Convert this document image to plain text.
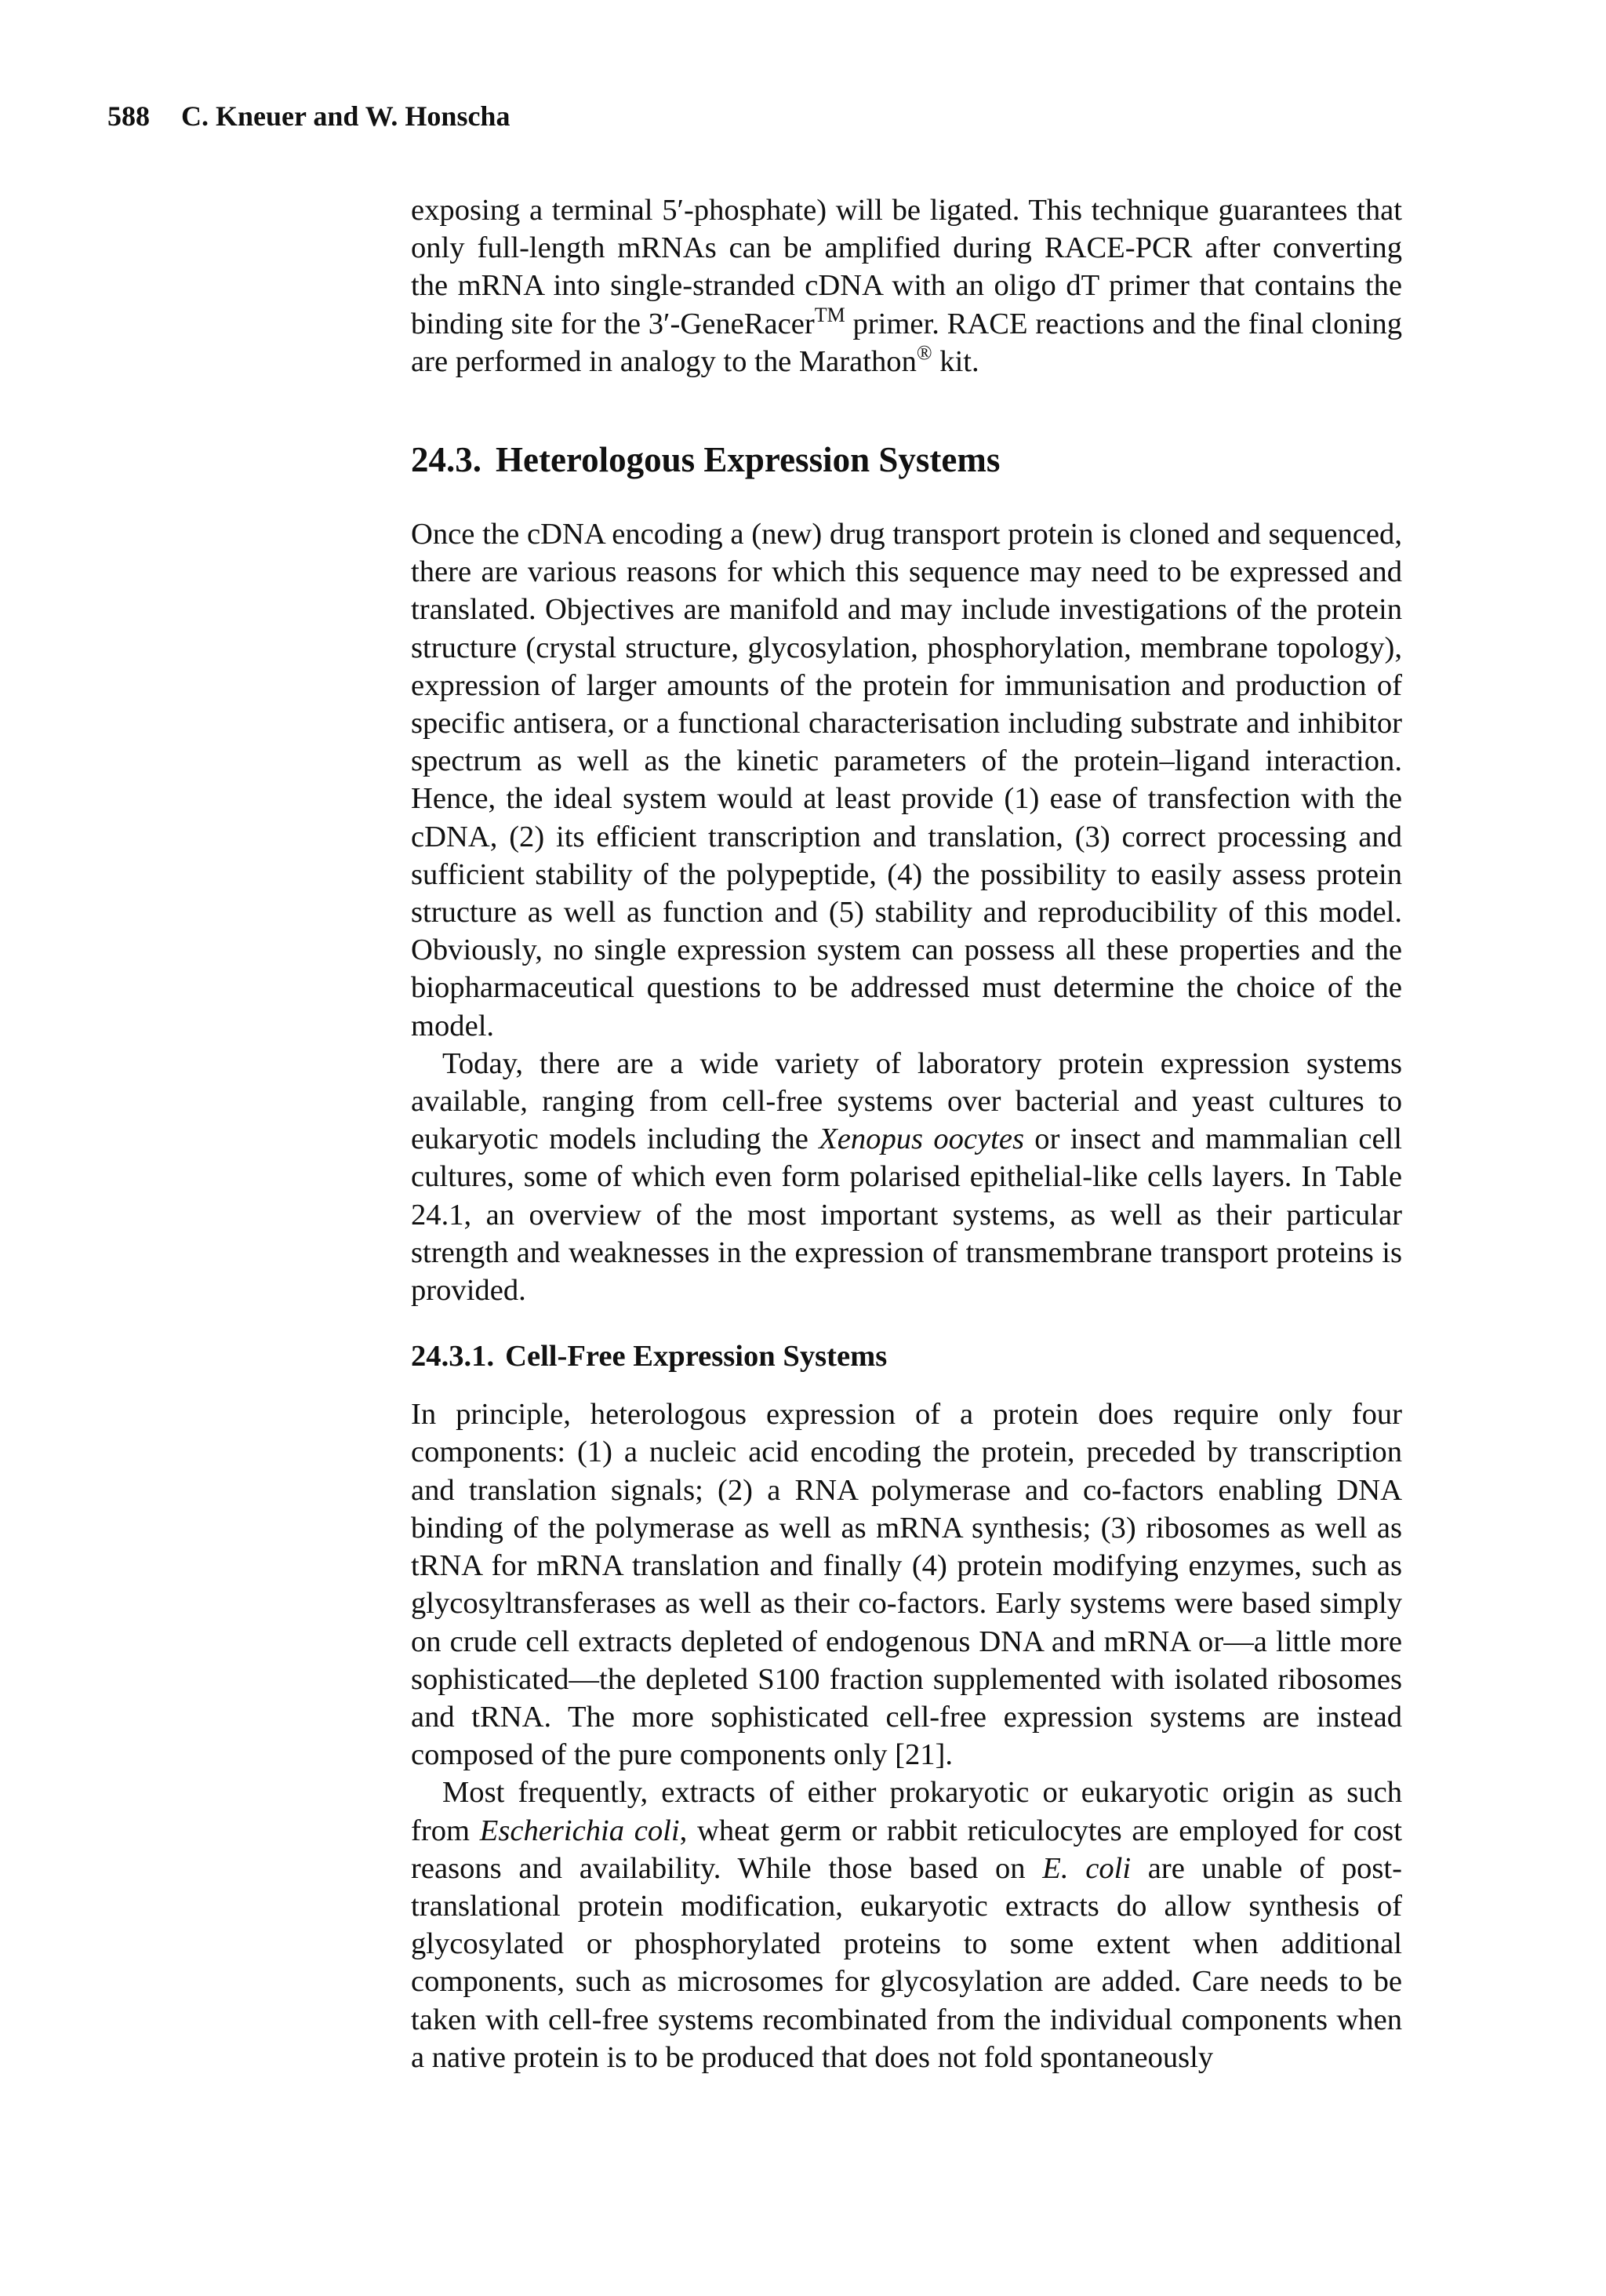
588 C. Kneuer and W. Honscha

exposing a terminal 5′-phosphate) will be ligated. This technique guarantees that only full-length mRNAs can be amplified during RACE-PCR after converting the mRNA into single-stranded cDNA with an oligo dT primer that contains the binding site for the 3′-GeneRacer™ primer. RACE reactions and the final cloning are performed in analogy to the Marathon® kit.

24.3. Heterologous Expression Systems

Once the cDNA encoding a (new) drug transport protein is cloned and sequenced, there are various reasons for which this sequence may need to be expressed and translated. Objectives are manifold and may include investigations of the protein structure (crystal structure, glycosylation, phosphorylation, membrane topology), expression of larger amounts of the protein for immunisation and production of specific antisera, or a functional characterisation including substrate and inhibitor spectrum as well as the kinetic parameters of the protein–ligand interaction. Hence, the ideal system would at least provide (1) ease of transfection with the cDNA, (2) its efficient transcription and translation, (3) correct processing and sufficient stability of the polypeptide, (4) the possibility to easily assess protein structure as well as function and (5) stability and reproducibility of this model. Obviously, no single expression system can possess all these properties and the biopharmaceutical questions to be addressed must determine the choice of the model.

Today, there are a wide variety of laboratory protein expression systems available, ranging from cell-free systems over bacterial and yeast cultures to eukaryotic models including the Xenopus oocytes or insect and mammalian cell cultures, some of which even form polarised epithelial-like cells layers. In Table 24.1, an overview of the most important systems, as well as their particular strength and weaknesses in the expression of transmembrane transport proteins is provided.

24.3.1. Cell-Free Expression Systems

In principle, heterologous expression of a protein does require only four components: (1) a nucleic acid encoding the protein, preceded by transcription and translation signals; (2) a RNA polymerase and co-factors enabling DNA binding of the polymerase as well as mRNA synthesis; (3) ribosomes as well as tRNA for mRNA translation and finally (4) protein modifying enzymes, such as glycosyltransferases as well as their co-factors. Early systems were based simply on crude cell extracts depleted of endogenous DNA and mRNA or—a little more sophisticated—the depleted S100 fraction supplemented with isolated ribosomes and tRNA. The more sophisticated cell-free expression systems are instead composed of the pure components only [21].

Most frequently, extracts of either prokaryotic or eukaryotic origin as such from Escherichia coli, wheat germ or rabbit reticulocytes are employed for cost reasons and availability. While those based on E. coli are unable of post-translational protein modification, eukaryotic extracts do allow synthesis of glycosylated or phosphorylated proteins to some extent when additional components, such as microsomes for glycosylation are added. Care needs to be taken with cell-free systems recombinated from the individual components when a native protein is to be produced that does not fold spontaneously
